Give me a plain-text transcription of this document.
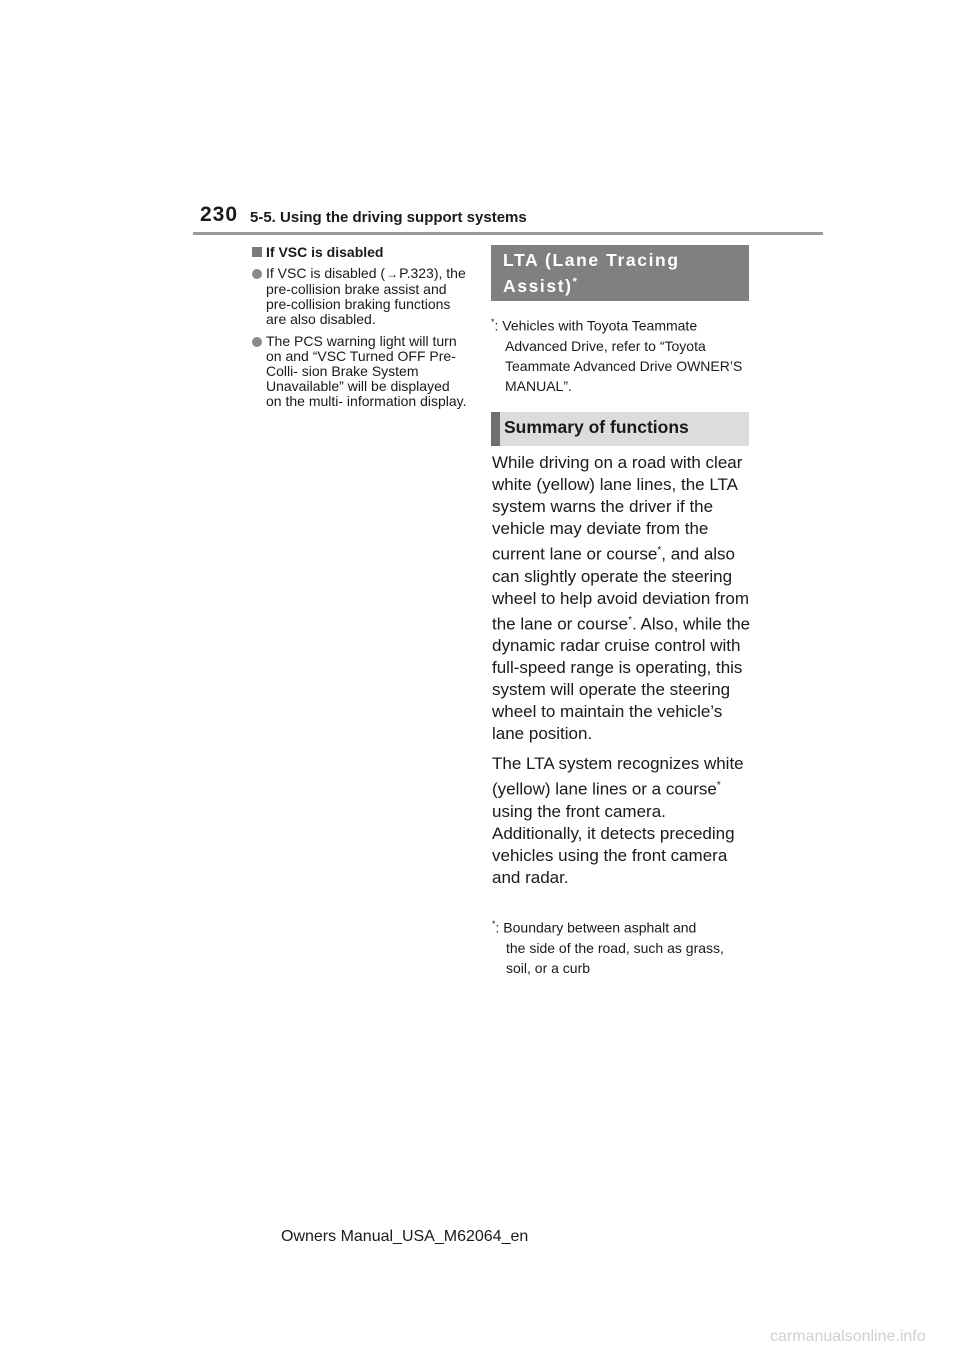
230 5-5. Using the driving support systems
If VSC is disabled
If VSC is disabled (→P.323), the pre-collision brake assist and pre-collision braking functions are also disabled.
The PCS warning light will turn on and “VSC Turned OFF Pre-Colli- sion Brake System Unavailable” will be displayed on the multi- information display.
LTA (Lane Tracing Assist)*
*: Vehicles with Toyota Teammate
Advanced Drive, refer to “Toyota Teammate Advanced Drive OWNER’S MANUAL”.
Summary of functions

While driving on a road with clear white (yellow) lane lines, the LTA system warns the driver if the vehicle may deviate from the current lane or course*, and also can slightly operate the steering wheel to help avoid deviation from the lane or course*. Also, while the dynamic radar cruise control with full-speed range is operating, this system will operate the steering wheel to maintain the vehicle’s lane position.

The LTA system recognizes white (yellow) lane lines or a course* using the front camera. Additionally, it detects preceding vehicles using the front camera and radar.

*: Boundary between asphalt and
the side of the road, such as grass, soil, or a curb
Owners Manual_USA_M62064_en
carmanualsonline.info
